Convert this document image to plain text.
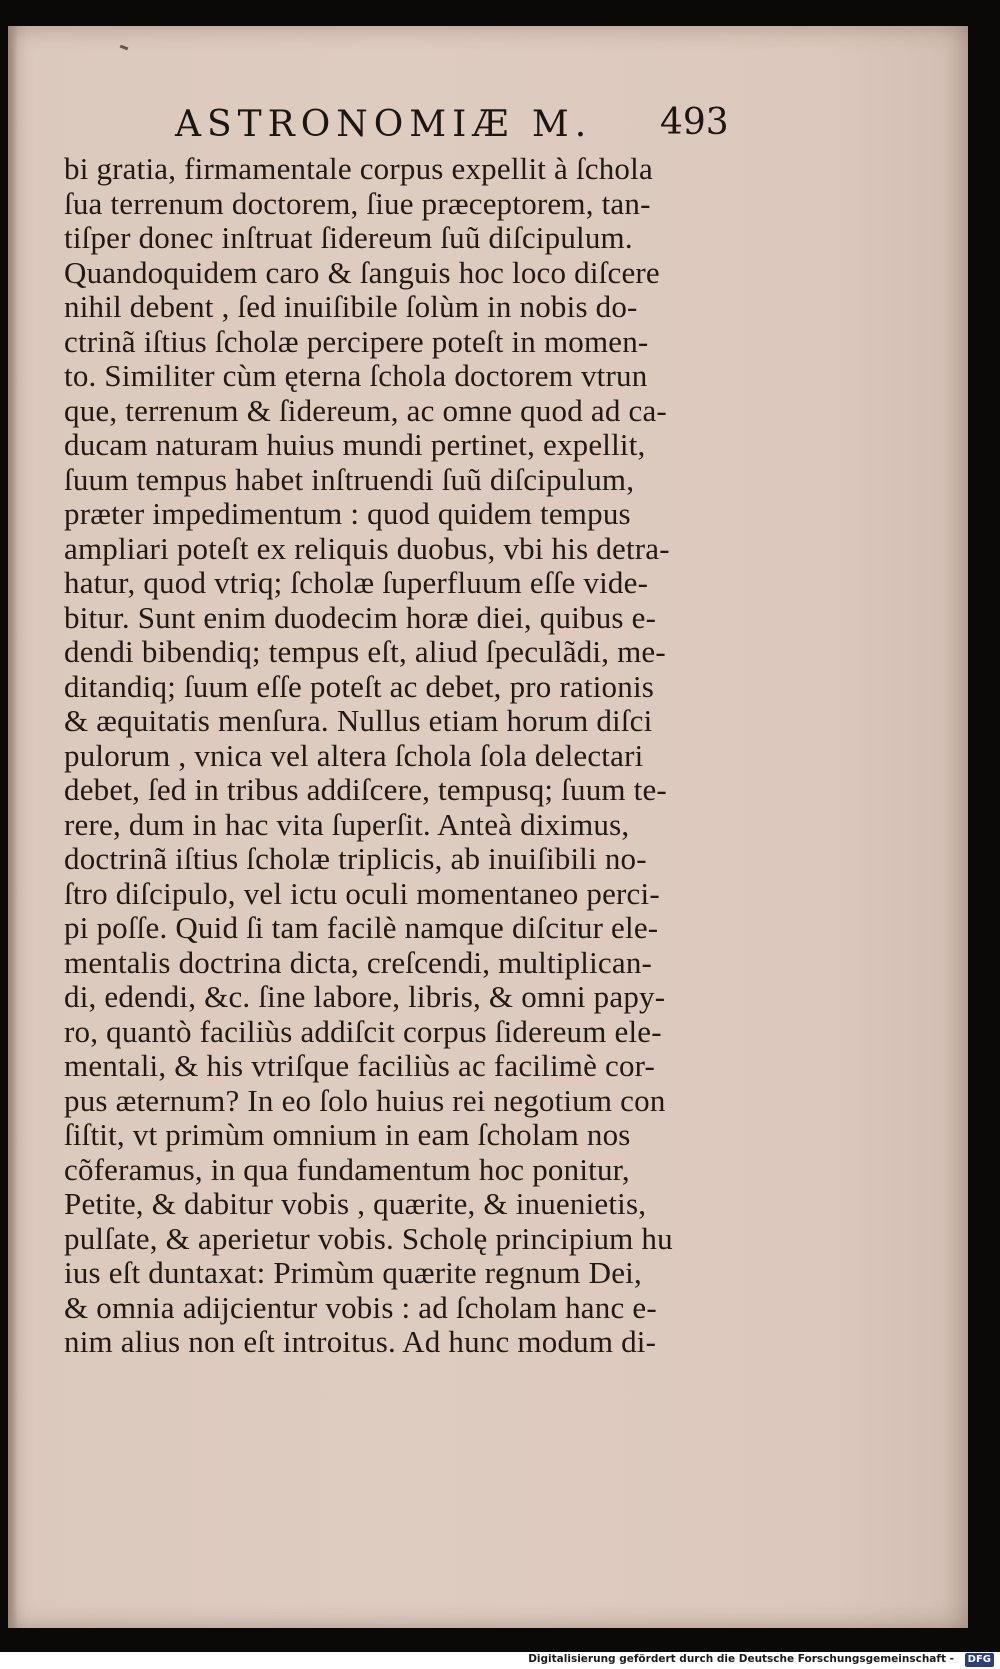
ASTRONOMIÆ M. 493
bi gratia, firmamentale corpus expellit à ſchola
ſua terrenum doctorem, ſiue præceptorem, tan-
tiſper donec inſtruat ſidereum ſuũ diſcipulum.
Quandoquidem caro & ſanguis hoc loco diſcere
nihil debent , ſed inuiſibile ſolùm in nobis do-
ctrinã iſtius ſcholæ percipere poteſt in momen-
to. Similiter cùm ęterna ſchola doctorem vtrun
que, terrenum & ſidereum, ac omne quod ad ca-
ducam naturam huius mundi pertinet, expellit,
ſuum tempus habet inſtruendi ſuũ diſcipulum,
præter impedimentum : quod quidem tempus
ampliari poteſt ex reliquis duobus, vbi his detra-
hatur, quod vtriq; ſcholæ ſuperfluum eſſe vide-
bitur. Sunt enim duodecim horæ diei, quibus e-
dendi bibendiq; tempus eſt, aliud ſpeculãdi, me-
ditandiq; ſuum eſſe poteſt ac debet, pro rationis
& æquitatis menſura. Nullus etiam horum diſci
pulorum , vnica vel altera ſchola ſola delectari
debet, ſed in tribus addiſcere, tempusq; ſuum te-
rere, dum in hac vita ſuperſit. Anteà diximus,
doctrinã iſtius ſcholæ triplicis, ab inuiſibili no-
ſtro diſcipulo, vel ictu oculi momentaneo perci-
pi poſſe. Quid ſi tam facilè namque diſcitur ele-
mentalis doctrina dicta, creſcendi, multiplican-
di, edendi, &c. ſine labore, libris, & omni papy-
ro, quantò faciliùs addiſcit corpus ſidereum ele-
mentali, & his vtriſque faciliùs ac facilimè cor-
pus æternum? In eo ſolo huius rei negotium con
ſiſtit, vt primùm omnium in eam ſcholam nos
cõferamus, in qua fundamentum hoc ponitur,
Petite, & dabitur vobis , quærite, & inuenietis,
pulſate, & aperietur vobis. Scholę principium hu
ius eſt duntaxat: Primùm quærite regnum Dei,
& omnia adijcientur vobis : ad ſcholam hanc e-
nim alius non eſt introitus. Ad hunc modum di-
Digitalisierung gefördert durch die Deutsche Forschungsgemeinschaft -	DFG
